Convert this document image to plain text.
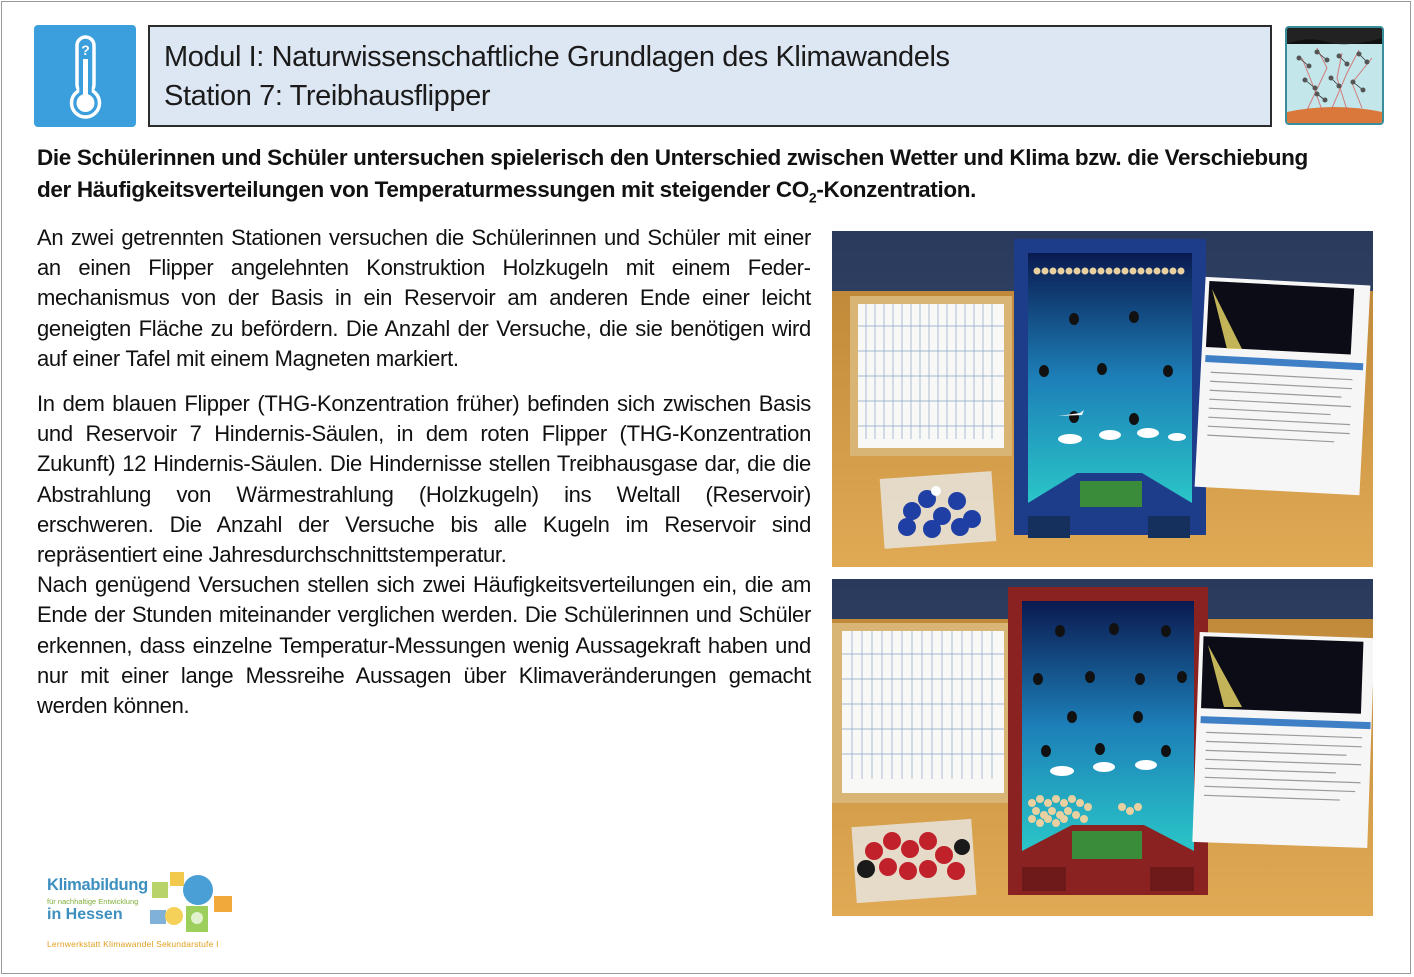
?	Modul I: Naturwissenschaftliche Grundlagen des Klimawandels
Station 7: Treibhausflipper
Die Schülerinnen und Schüler untersuchen spielerisch den Unterschied zwischen Wetter und Klima bzw. die Verschiebung
der Häufigkeitsverteilungen von Temperaturmessungen mit steigender $CO_2$-Konzentration.

An zwei getrennten Stationen versuchen die Schülerinnen und Schüler mit einer an einen Flipper angelehnten Konstruktion Holzkugeln mit einem Federmechanismus von der Basis in ein Reservoir am anderen Ende einer leicht geneigten Fläche zu befördern. Die Anzahl der Versuche, die sie benötigen wird auf einer Tafel mit einem Magneten markiert.

In dem blauen Flipper (THG-Konzentration früher) befinden sich zwischen Basis und Reservoir 7 Hindernis-Säulen, in dem roten Flipper (THG-Konzentration Zukunft) 12 Hindernis-Säulen. Die Hindernisse stellen Treibhausgase dar, die die Abstrahlung von Wärmestrahlung (Holzkugeln) ins Weltall (Reservoir) erschweren. Die Anzahl der Versuche bis alle Kugeln im Reservoir sind repräsentiert eine Jahresdurchschnittstemperatur.

Nach genügend Versuchen stellen sich zwei Häufigkeitsverteilungen ein, die am Ende der Stunden miteinander verglichen werden. Die Schülerinnen und Schüler erkennen, dass einzelne Temperatur-Messungen wenig Aussagekraft haben und nur mit einer lange Messreihe Aussagen über Klimaveränderungen gemacht werden können.

Klimabildung
für nachhaltige Entwicklung
in Hessen
Lernwerkstatt Klimawandel Sekundarstufe I
